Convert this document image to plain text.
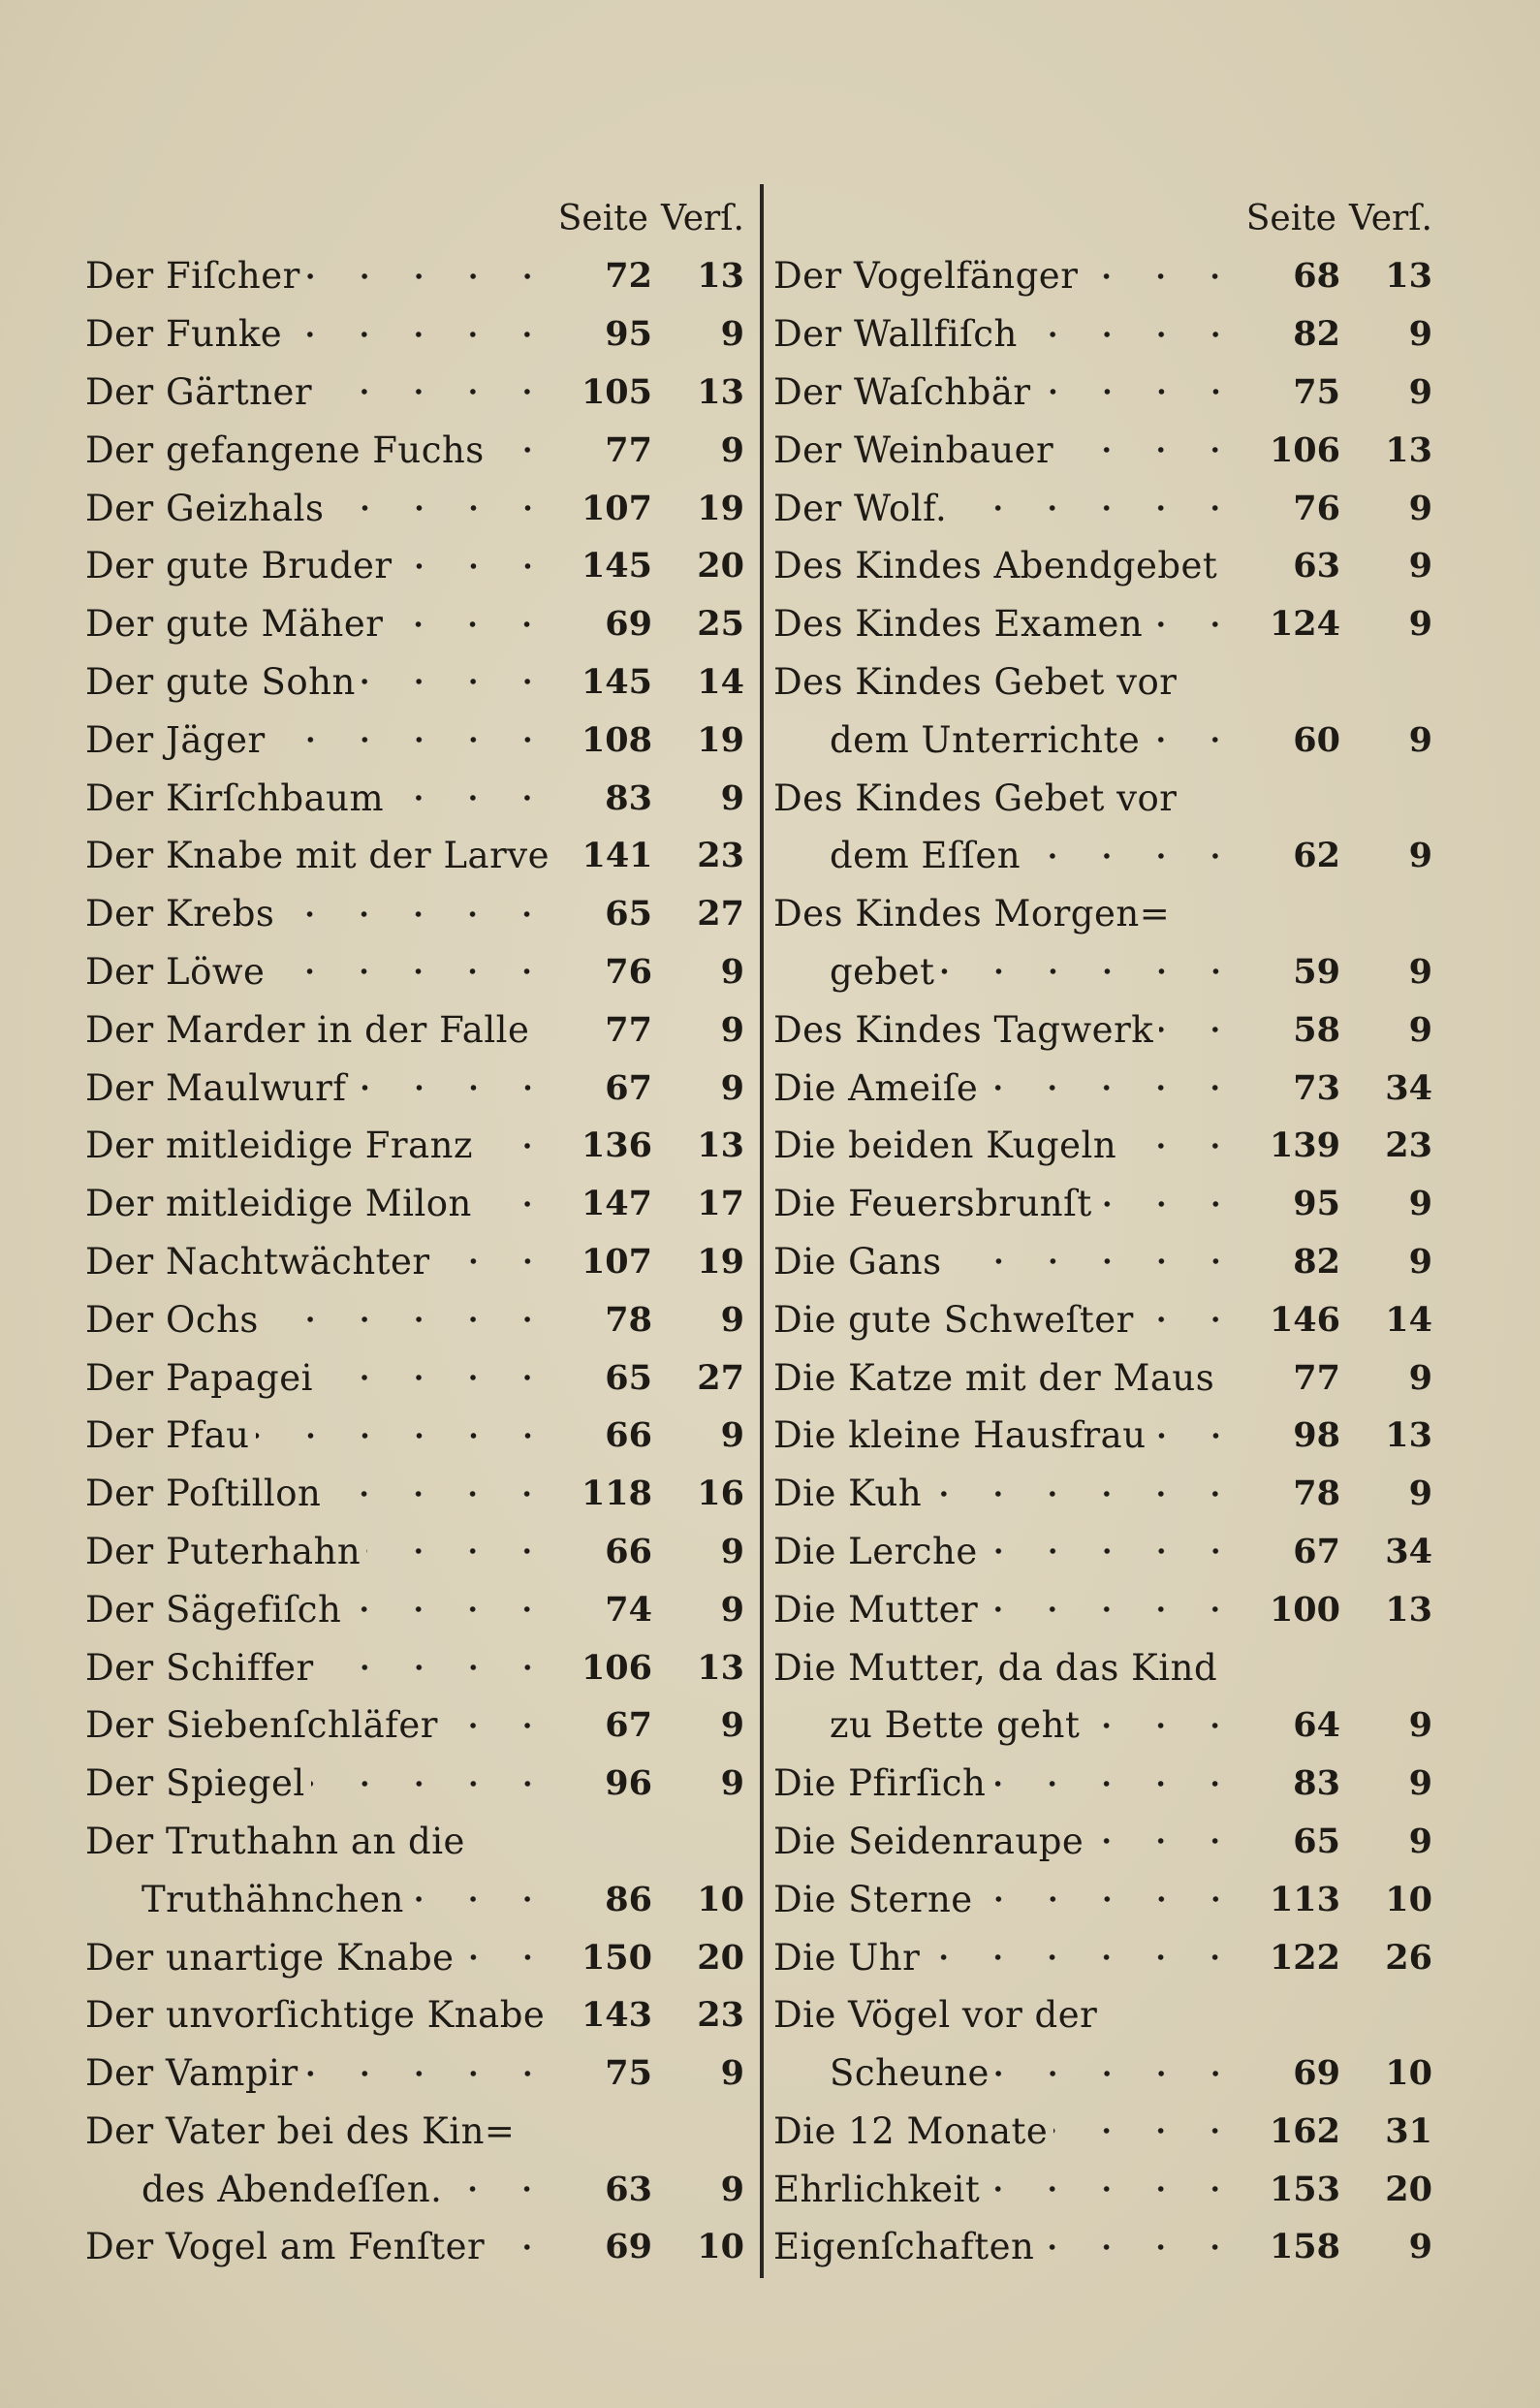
Seite Verſ.
Der Fiſcher	72	13
Der Funke	95	9
Der Gärtner	105	13
Der gefangene Fuchs	77	9
Der Geizhals	107	19
Der gute Bruder	145	20
Der gute Mäher	69	25
Der gute Sohn	145	14
Der Jäger	108	19
Der Kirſchbaum	83	9
Der Knabe mit der Larve 141	23
Der Krebs	65	27
Der Löwe	76	9
Der Marder in der Falle	77	9
Der Maulwurf	67	9
Der mitleidige Franz	136	13
Der mitleidige Milon	147	17
Der Nachtwächter	107	19
Der Ochs	78	9
Der Papagei	65	27
Der Pfau	66	9
Der Poſtillon	118	16
Der Puterhahn	66	9
Der Sägefiſch	74	9
Der Schiffer	106	13
Der Siebenſchläfer	67	9
Der Spiegel	96	9
Der Truthahn an die
Truthähnchen	86	10
Der unartige Knabe	150	20
Der unvorſichtige Knabe	143	23
Der Vampir	75	9
Der Vater bei des Kin=
des Abendeſſen.	63	9
Der Vogel am Fenſter	69	10
Seite Verſ.
Der Vogelfänger	68	13
Der Wallfiſch	82	9
Der Waſchbär	75	9
Der Weinbauer	106	13
Der Wolf.	76	9
Des Kindes Abendgebet	63	9
Des Kindes Examen	124	9
Des Kindes Gebet vor
dem Unterrichte	60	9
Des Kindes Gebet vor
dem Eſſen	62	9
Des Kindes Morgen=
gebet	59	9
Des Kindes Tagwerk	58	9
Die Ameiſe	73	34
Die beiden Kugeln	139	23
Die Feuersbrunſt	95	9
Die Gans	82	9
Die gute Schweſter	146	14
Die Katze mit der Maus	77	9
Die kleine Hausfrau	98	13
Die Kuh	78	9
Die Lerche	67	34
Die Mutter	100	13
Die Mutter, da das Kind
zu Bette geht	64	9
Die Pfirſich	83	9
Die Seidenraupe	65	9
Die Sterne	113	10
Die Uhr	122	26
Die Vögel vor der
Scheune	69	10
Die 12 Monate	162	31
Ehrlichkeit	153	20
Eigenſchaften	158	9
